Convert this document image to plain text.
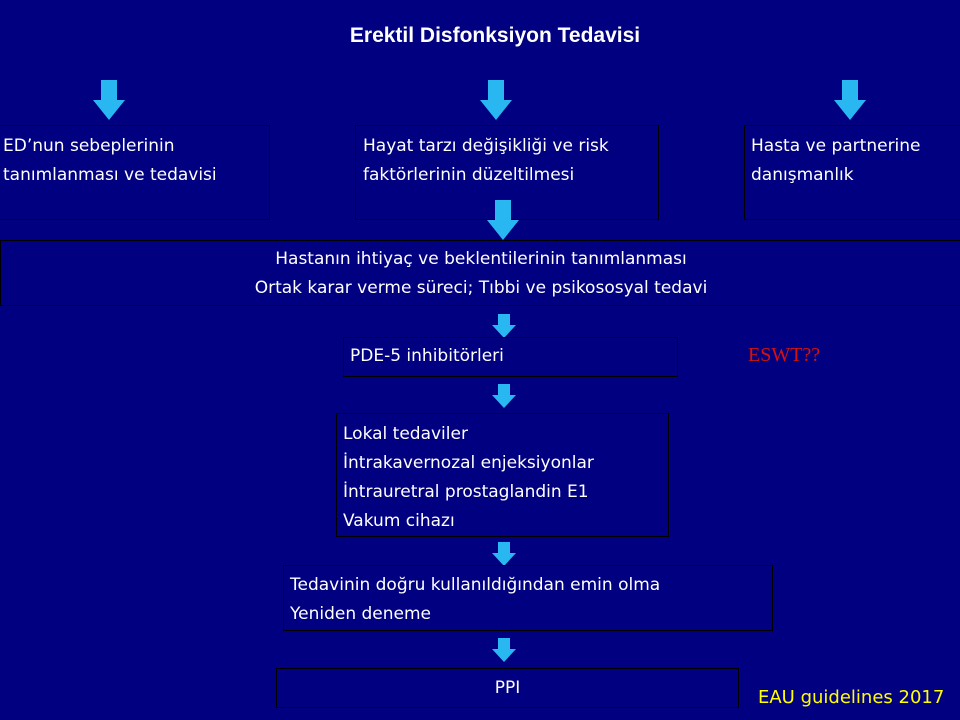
Erektil Disfonksiyon Tedavisi
ED’nun sebeplerinin
tanımlanması ve tedavisi
Hayat tarzı değişikliği ve risk
faktörlerinin düzeltilmesi
Hasta ve partnerine
danışmanlık
Hastanın ihtiyaç ve beklentilerinin tanımlanması
Ortak karar verme süreci; Tıbbi ve psikososyal tedavi
PDE-5 inhibitörleri	ESWT??
Lokal tedaviler
İntrakavernozal enjeksiyonlar
İntrauretral prostaglandin E1
Vakum cihazı
Tedavinin doğru kullanıldığından emin olma
Yeniden deneme
PPI	EAU guidelines 2017
